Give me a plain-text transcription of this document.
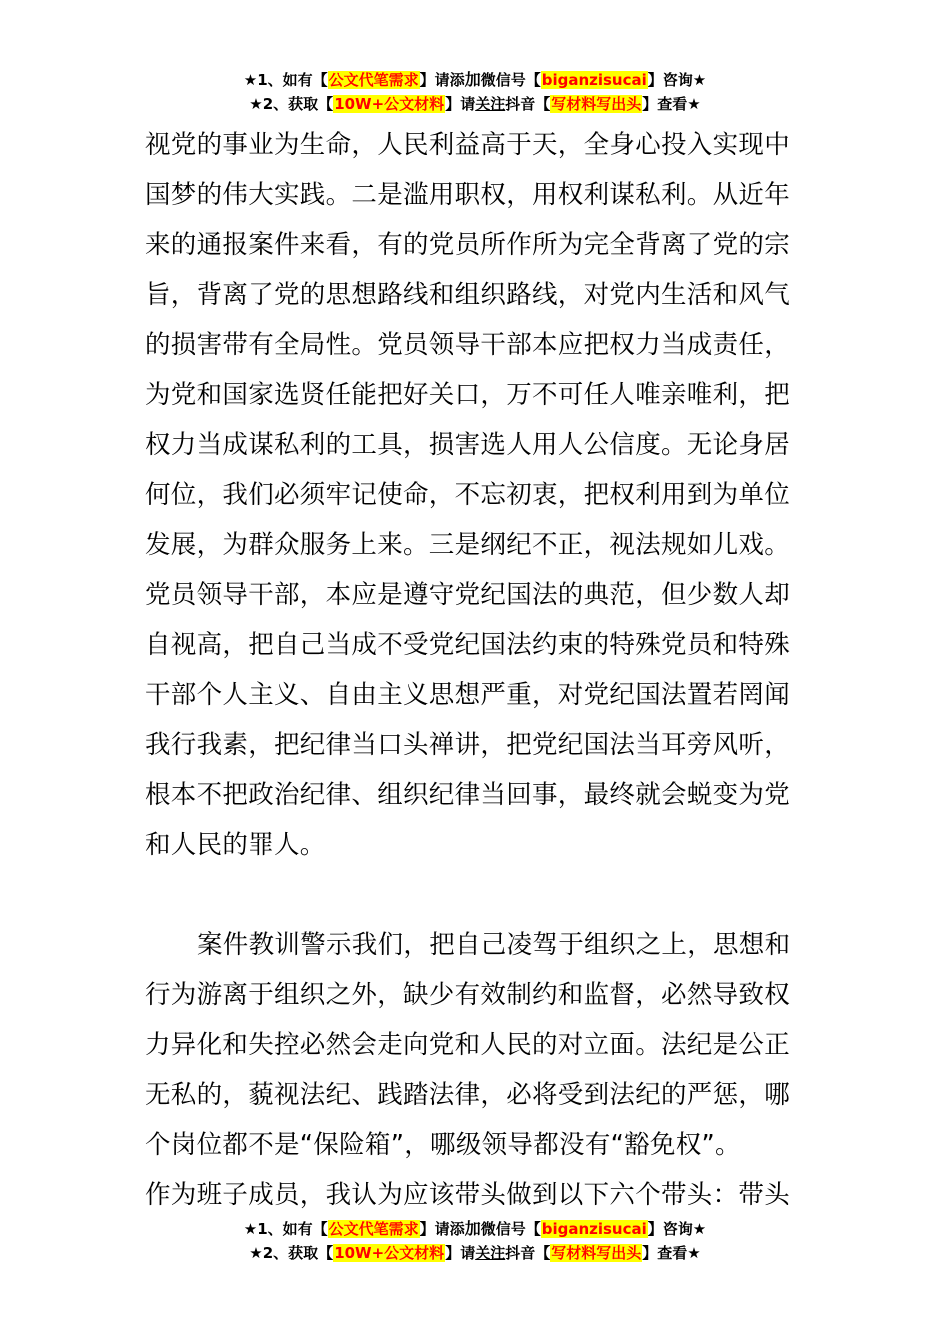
★1、如有【公文代笔需求】请添加微信号【biganzisucai】咨询★
★2、获取【10W+公文材料】请关注抖音【写材料写出头】查看★

视党的事业为生命，人民利益高于天，全身心投入实现中

国梦的伟大实践。二是滥用职权，用权利谋私利。从近年

来的通报案件来看，有的党员所作所为完全背离了党的宗

旨，背离了党的思想路线和组织路线，对党内生活和风气

的损害带有全局性。党员领导干部本应把权力当成责任，

为党和国家选贤任能把好关口，万不可任人唯亲唯利，把

权力当成谋私利的工具，损害选人用人公信度。无论身居

何位，我们必须牢记使命，不忘初衷，把权利用到为单位

发展，为群众服务上来。三是纲纪不正，视法规如儿戏。

党员领导干部，本应是遵守党纪国法的典范，但少数人却

自视高，把自己当成不受党纪国法约束的特殊党员和特殊

干部个人主义、自由主义思想严重，对党纪国法置若罔闻

我行我素，把纪律当口头禅讲，把党纪国法当耳旁风听，

根本不把政治纪律、组织纪律当回事，最终就会蜕变为党

和人民的罪人。

案件教训警示我们，把自己凌驾于组织之上，思想和

行为游离于组织之外，缺少有效制约和监督，必然导致权

力异化和失控必然会走向党和人民的对立面。法纪是公正

无私的，藐视法纪、践踏法律，必将受到法纪的严惩，哪

个岗位都不是“保险箱”，哪级领导都没有“豁免权”。

作为班子成员，我认为应该带头做到以下六个带头：带头

★1、如有【公文代笔需求】请添加微信号【biganzisucai】咨询★
★2、获取【10W+公文材料】请关注抖音【写材料写出头】查看★
